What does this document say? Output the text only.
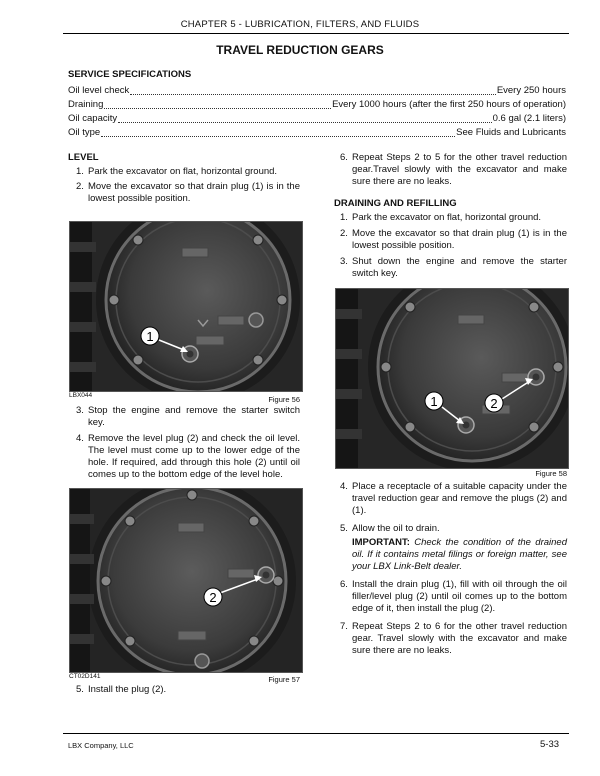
CHAPTER 5 - LUBRICATION, FILTERS, AND FLUIDS
TRAVEL REDUCTION GEARS
SERVICE SPECIFICATIONS
Oil level check	Every 250 hours
Draining	Every 1000 hours (after the first 250 hours of operation)
Oil capacity	0.6 gal (2.1 liters)
Oil type	See Fluids and Lubricants
LEVEL
1. Park the excavator on flat, horizontal ground.
2. Move the excavator so that drain plug (1) is in the lowest possible position.
1
LBX044	Figure 56
3. Stop the engine and remove the starter switch key.
4. Remove the level plug (2) and check the oil level. The level must come up to the lower edge of the hole. If required, add through this hole (2) until oil comes up to the bottom edge of the level hole.
2
CT02D141	Figure 57
5. Install the plug (2).
6. Repeat Steps 2 to 5 for the other travel reduction gear.Travel slowly with the excavator and make sure there are no leaks.
DRAINING AND REFILLING
1. Park the excavator on flat, horizontal ground.
2. Move the excavator so that drain plug (1) is in the lowest possible position.
3. Shut down the engine and remove the starter switch key.
1	2
Figure 58
4. Place a receptacle of a suitable capacity under the travel reduction gear and remove the plugs (2) and (1).
5. Allow the oil to drain.
IMPORTANT: Check the condition of the drained oil. If it contains metal filings or foreign matter, see your LBX Link-Belt dealer.
6. Install the drain plug (1), fill with oil through the oil filler/level plug (2) until oil comes up to the bottom edge of it, then install the plug (2).
7. Repeat Steps 2 to 6 for the other travel reduction gear. Travel slowly with the excavator and make sure there are no leaks.
LBX Company, LLC	5-33
